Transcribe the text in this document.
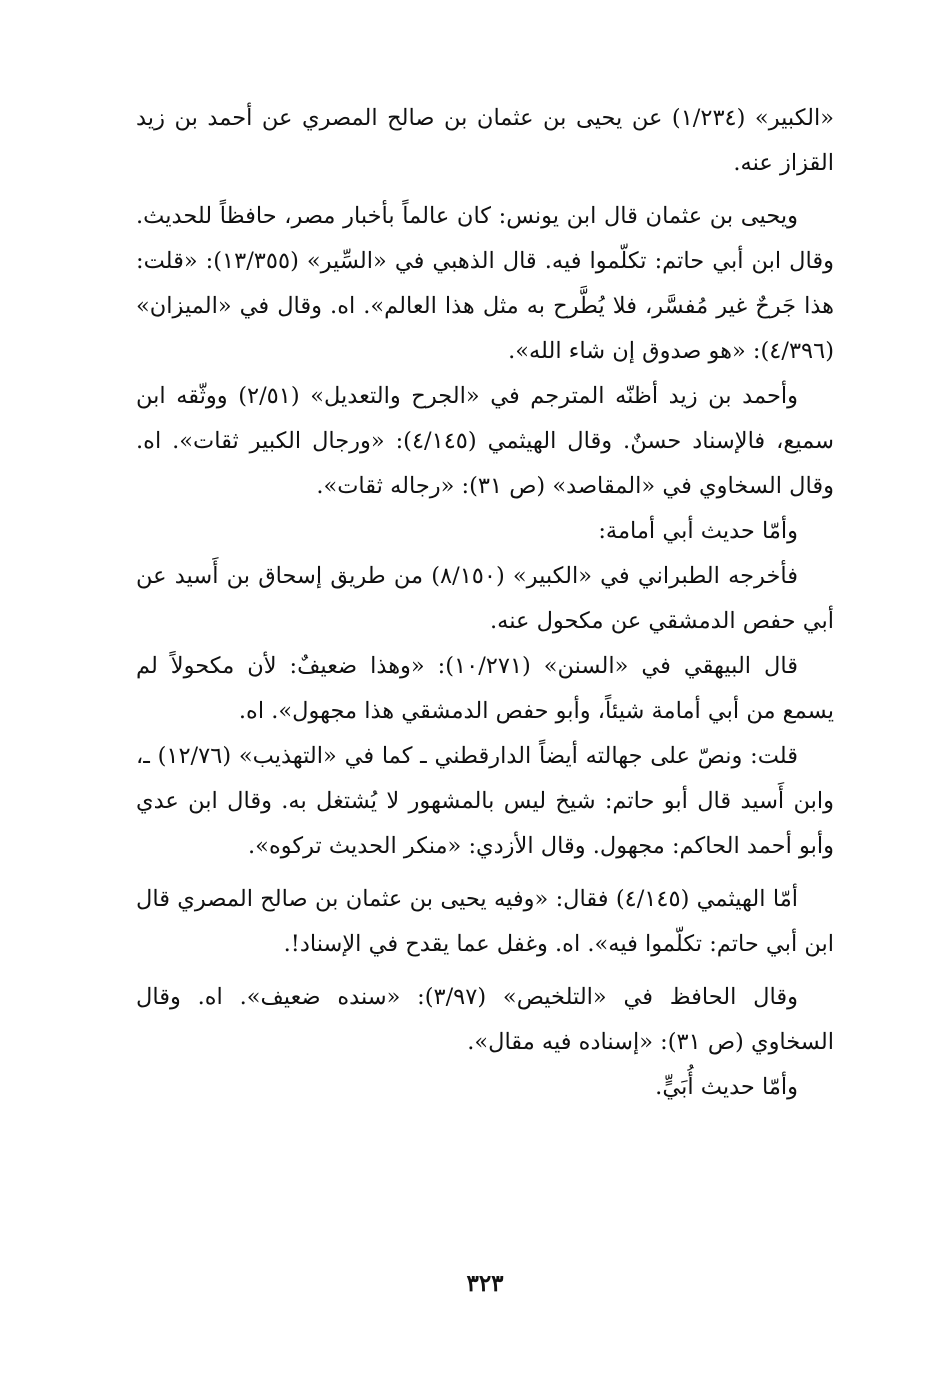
«الكبير» (١/٢٣٤) عن يحيى بن عثمان بن صالح المصري عن أحمد بن زيد القزاز عنه.

ويحيى بن عثمان قال ابن يونس: كان عالماً بأخبار مصر، حافظاً للحديث. وقال ابن أبي حاتم: تكلّموا فيه. قال الذهبي في «السِّير» (١٣/٣٥٥): «قلت: هذا جَرحٌ غير مُفسَّر، فلا يُطَّرح به مثل هذا العالم». اه. وقال في «الميزان» (٤/٣٩٦): «هو صدوق إن شاء الله».

وأحمد بن زيد أظنّه المترجم في «الجرح والتعديل» (٢/٥١) ووثّقه ابن سميع، فالإسناد حسنٌ. وقال الهيثمي (٤/١٤٥): «ورجال الكبير ثقات». اه. وقال السخاوي في «المقاصد» (ص ٣١): «رجاله ثقات».

وأمّا حديث أبي أمامة:

فأخرجه الطبراني في «الكبير» (٨/١٥٠) من طريق إسحاق بن أَسيد عن أبي حفص الدمشقي عن مكحول عنه.

قال البيهقي في «السنن» (١٠/٢٧١): «وهذا ضعيفٌ: لأن مكحولاً لم يسمع من أبي أمامة شيئاً، وأبو حفص الدمشقي هذا مجهول». اه.

قلت: ونصّ على جهالته أيضاً الدارقطني ـ كما في «التهذيب» (١٢/٧٦) ـ، وابن أَسيد قال أبو حاتم: شيخ ليس بالمشهور لا يُشتغل به. وقال ابن عدي وأبو أحمد الحاكم: مجهول. وقال الأزدي: «منكر الحديث تركوه».

أمّا الهيثمي (٤/١٤٥) فقال: «وفيه يحيى بن عثمان بن صالح المصري قال ابن أبي حاتم: تكلّموا فيه». اه. وغفل عما يقدح في الإسناد!.

وقال الحافظ في «التلخيص» (٣/٩٧): «سنده ضعيف». اه. وقال السخاوي (ص ٣١): «إسناده فيه مقال».

وأمّا حديث أُبَيٍّ.

٣٢٣
